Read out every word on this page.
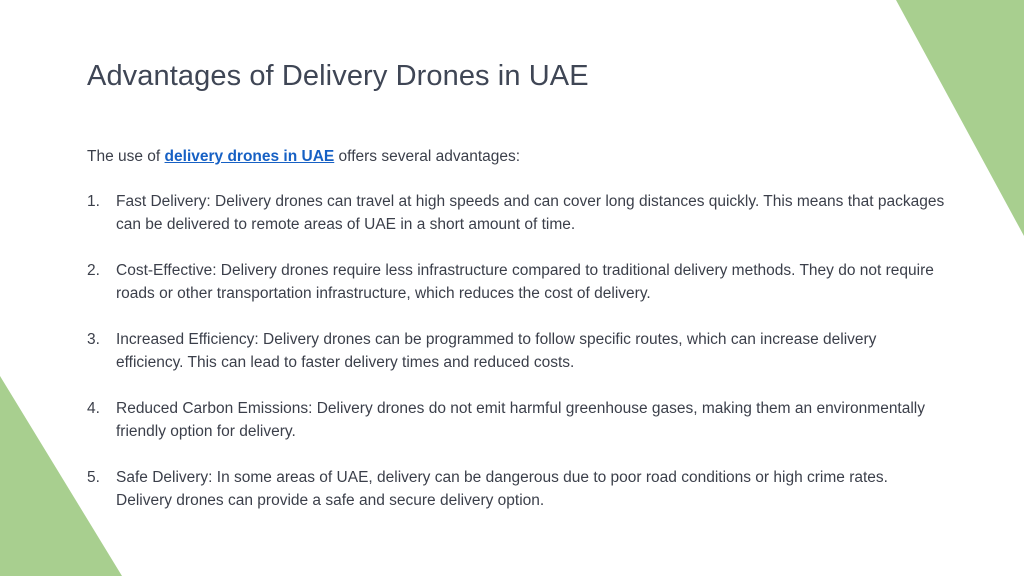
Advantages of Delivery Drones in UAE

The use of delivery drones in UAE offers several advantages:

1. Fast Delivery: Delivery drones can travel at high speeds and can cover long distances quickly. This means that packages can be delivered to remote areas of UAE in a short amount of time.
2. Cost-Effective: Delivery drones require less infrastructure compared to traditional delivery methods. They do not require roads or other transportation infrastructure, which reduces the cost of delivery.
3. Increased Efficiency: Delivery drones can be programmed to follow specific routes, which can increase delivery efficiency. This can lead to faster delivery times and reduced costs.
4. Reduced Carbon Emissions: Delivery drones do not emit harmful greenhouse gases, making them an environmentally friendly option for delivery.
5. Safe Delivery: In some areas of UAE, delivery can be dangerous due to poor road conditions or high crime rates. Delivery drones can provide a safe and secure delivery option.
